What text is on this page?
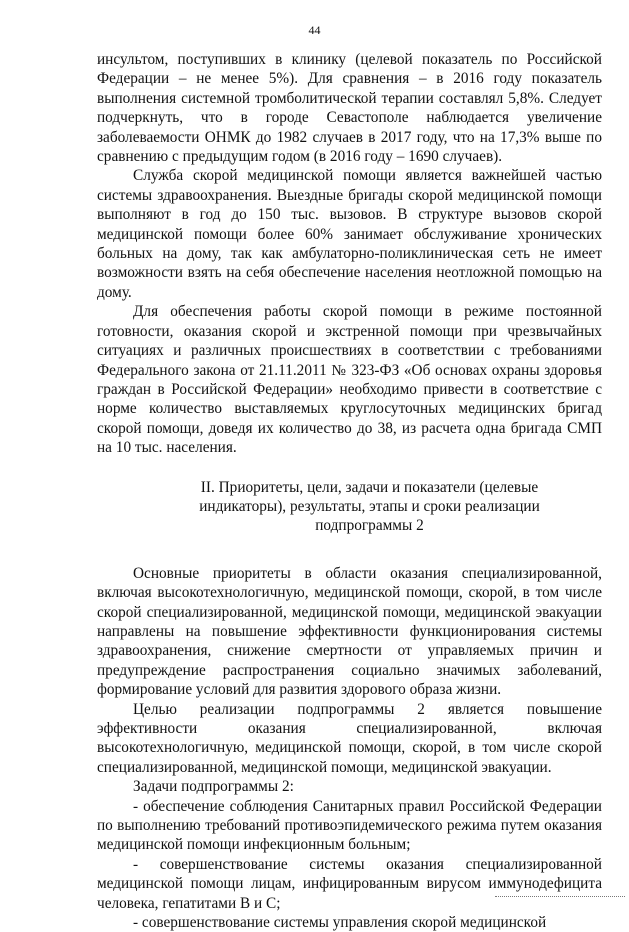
44

инсультом, поступивших в клинику (целевой показатель по Российской Федерации – не менее 5%). Для сравнения – в 2016 году показатель выполнения системной тромболитической терапии составлял 5,8%. Следует подчеркнуть, что в городе Севастополе наблюдается увеличение заболеваемости ОНМК до 1982 случаев в 2017 году, что на 17,3% выше по сравнению с предыдущим годом (в 2016 году – 1690 случаев).

Служба скорой медицинской помощи является важнейшей частью системы здравоохранения. Выездные бригады скорой медицинской помощи выполняют в год до 150 тыс. вызовов. В структуре вызовов скорой медицинской помощи более 60% занимает обслуживание хронических больных на дому, так как амбулаторно-поликлиническая сеть не имеет возможности взять на себя обеспечение населения неотложной помощью на дому.

Для обеспечения работы скорой помощи в режиме постоянной готовности, оказания скорой и экстренной помощи при чрезвычайных ситуациях и различных происшествиях в соответствии с требованиями Федерального закона от 21.11.2011 № 323-ФЗ «Об основах охраны здоровья граждан в Российской Федерации» необходимо привести в соответствие с норме количество выставляемых круглосуточных медицинских бригад скорой помощи, доведя их количество до 38, из расчета одна бригада СМП на 10 тыс. населения.

II. Приоритеты, цели, задачи и показатели (целевые
индикаторы), результаты, этапы и сроки реализации
подпрограммы 2

Основные приоритеты в области оказания специализированной, включая высокотехнологичную, медицинской помощи, скорой, в том числе скорой специализированной, медицинской помощи, медицинской эвакуации направлены на повышение эффективности функционирования системы здравоохранения, снижение смертности от управляемых причин и предупреждение распространения социально значимых заболеваний, формирование условий для развития здорового образа жизни.

Целью реализации подпрограммы 2 является повышение эффективности оказания специализированной, включая высокотехнологичную, медицинской помощи, скорой, в том числе скорой специализированной, медицинской помощи, медицинской эвакуации.

Задачи подпрограммы 2:

- обеспечение соблюдения Санитарных правил Российской Федерации по выполнению требований противоэпидемического режима путем оказания медицинской помощи инфекционным больным;

- совершенствование системы оказания специализированной медицинской помощи лицам, инфицированным вирусом иммунодефицита человека, гепатитами В и С;

- совершенствование системы управления скорой медицинской
